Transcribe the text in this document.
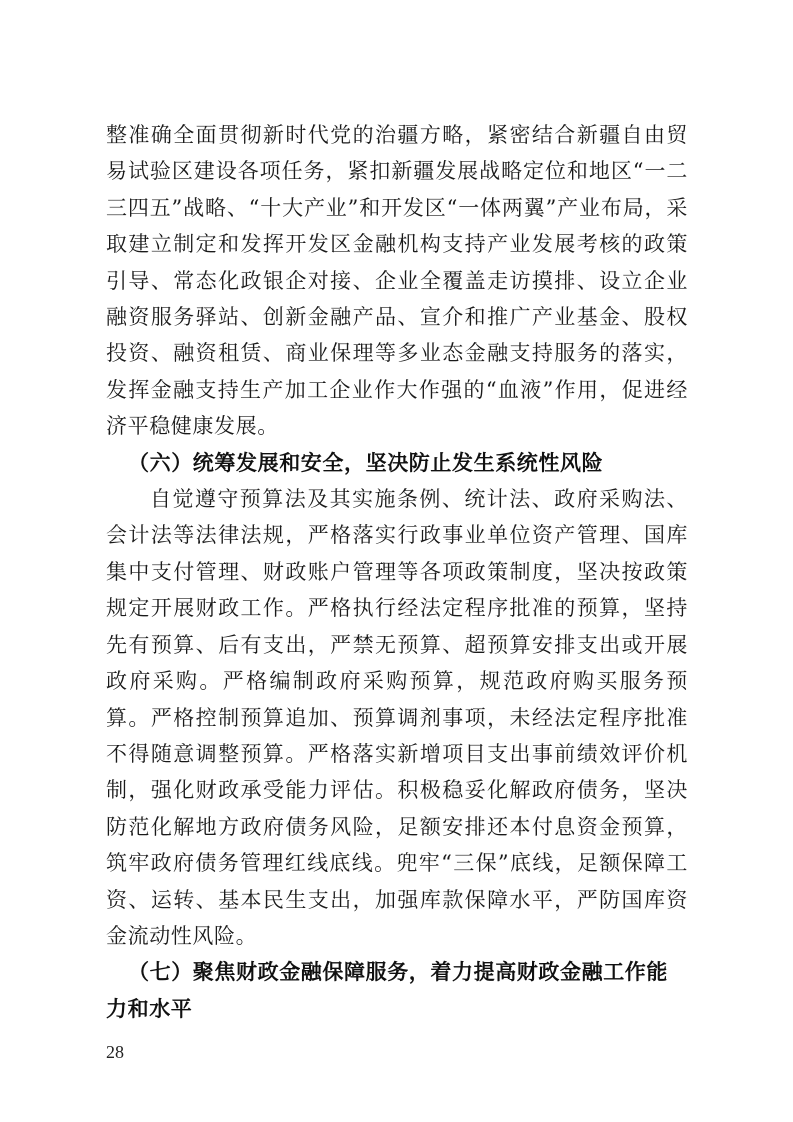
整准确全面贯彻新时代党的治疆方略，紧密结合新疆自由贸易试验区建设各项任务，紧扣新疆发展战略定位和地区“一二三四五”战略、“十大产业”和开发区“一体两翼”产业布局，采取建立制定和发挥开发区金融机构支持产业发展考核的政策引导、常态化政银企对接、企业全覆盖走访摸排、设立企业融资服务驿站、创新金融产品、宣介和推广产业基金、股权投资、融资租赁、商业保理等多业态金融支持服务的落实，发挥金融支持生产加工企业作大作强的“血液”作用，促进经济平稳健康发展。

（六）统筹发展和安全，坚决防止发生系统性风险

自觉遵守预算法及其实施条例、统计法、政府采购法、会计法等法律法规，严格落实行政事业单位资产管理、国库集中支付管理、财政账户管理等各项政策制度，坚决按政策规定开展财政工作。严格执行经法定程序批准的预算，坚持先有预算、后有支出，严禁无预算、超预算安排支出或开展政府采购。严格编制政府采购预算，规范政府购买服务预算。严格控制预算追加、预算调剂事项，未经法定程序批准不得随意调整预算。严格落实新增项目支出事前绩效评价机制，强化财政承受能力评估。积极稳妥化解政府债务，坚决防范化解地方政府债务风险，足额安排还本付息资金预算，筑牢政府债务管理红线底线。兜牢“三保”底线，足额保障工资、运转、基本民生支出，加强库款保障水平，严防国库资金流动性风险。

（七）聚焦财政金融保障服务，着力提高财政金融工作能力和水平
28
